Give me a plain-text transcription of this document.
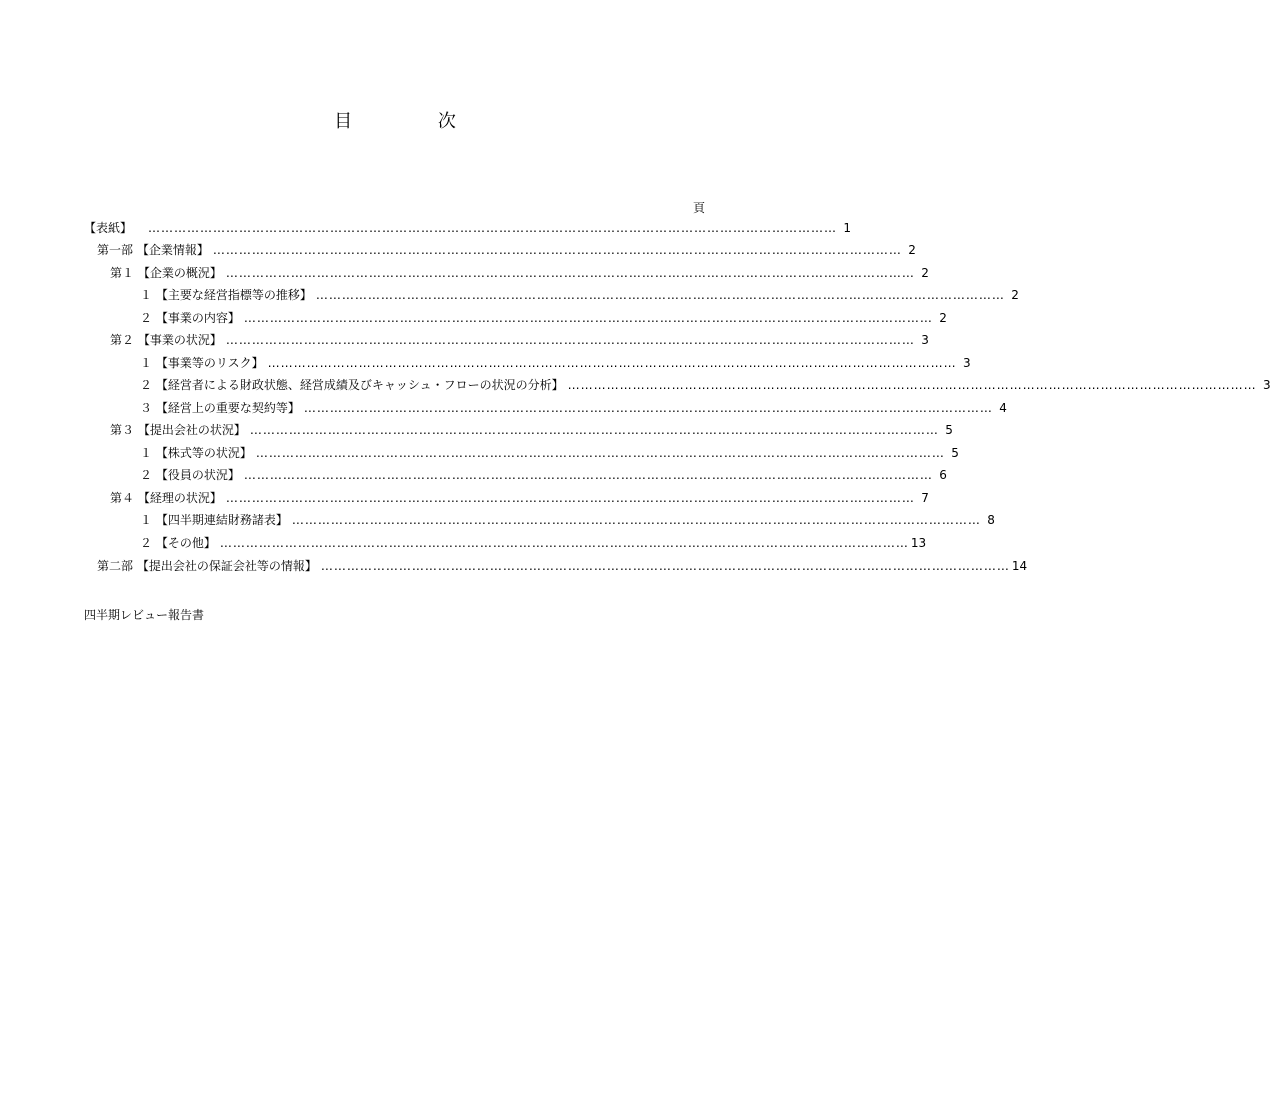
目	次
頁
【表紙】 …………………………………………………………………………………………………………………………………………… 1
第一部 【企業情報】 …………………………………………………………………………………………………………………………………………… 2
第１ 【企業の概況】 …………………………………………………………………………………………………………………………………………… 2
１ 【主要な経営指標等の推移】 …………………………………………………………………………………………………………………………………………… 2
２ 【事業の内容】 …………………………………………………………………………………………………………………………………………… 2
第２ 【事業の状況】 …………………………………………………………………………………………………………………………………………… 3
１ 【事業等のリスク】 …………………………………………………………………………………………………………………………………………… 3
２ 【経営者による財政状態、経営成績及びキャッシュ・フローの状況の分析】 …………………………………………………………………………………………………………………………………………… 3
３ 【経営上の重要な契約等】 …………………………………………………………………………………………………………………………………………… 4
第３ 【提出会社の状況】 …………………………………………………………………………………………………………………………………………… 5
１ 【株式等の状況】 …………………………………………………………………………………………………………………………………………… 5
２ 【役員の状況】 …………………………………………………………………………………………………………………………………………… 6
第４ 【経理の状況】 …………………………………………………………………………………………………………………………………………… 7
１ 【四半期連結財務諸表】 …………………………………………………………………………………………………………………………………………… 8
２ 【その他】 …………………………………………………………………………………………………………………………………………… 13
第二部 【提出会社の保証会社等の情報】 …………………………………………………………………………………………………………………………………………… 14
四半期レビュー報告書
